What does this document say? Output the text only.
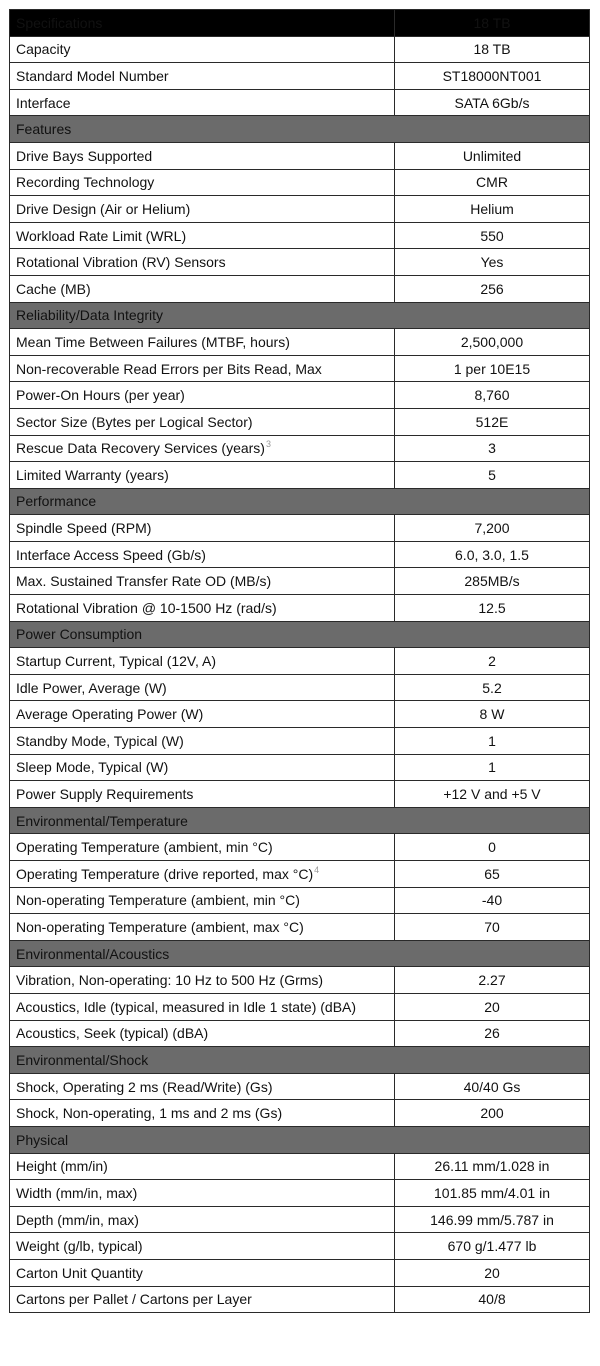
Specifications	18 TB
Capacity	18 TB
Standard Model Number	ST18000NT001
Interface	SATA 6Gb/s
Features	
Drive Bays Supported	Unlimited
Recording Technology	CMR
Drive Design (Air or Helium)	Helium
Workload Rate Limit (WRL)	550
Rotational Vibration (RV) Sensors	Yes
Cache (MB)	256
Reliability/Data Integrity	
Mean Time Between Failures (MTBF, hours)	2,500,000
Non-recoverable Read Errors per Bits Read, Max	1 per 10E15
Power-On Hours (per year)	8,760
Sector Size (Bytes per Logical Sector)	512E
Rescue Data Recovery Services (years)$^3$	3
Limited Warranty (years)	5
Performance	
Spindle Speed (RPM)	7,200
Interface Access Speed (Gb/s)	6.0, 3.0, 1.5
Max. Sustained Transfer Rate OD (MB/s)	285MB/s
Rotational Vibration @ 10-1500 Hz (rad/s)	12.5
Power Consumption	
Startup Current, Typical (12V, A)	2
Idle Power, Average (W)	5.2
Average Operating Power (W)	8 W
Standby Mode, Typical (W)	1
Sleep Mode, Typical (W)	1
Power Supply Requirements	+12 V and +5 V
Environmental/Temperature	
Operating Temperature (ambient, min °C)	0
Operating Temperature (drive reported, max °C)$^4$	65
Non-operating Temperature (ambient, min °C)	-40
Non-operating Temperature (ambient, max °C)	70
Environmental/Acoustics	
Vibration, Non-operating: 10 Hz to 500 Hz (Grms)	2.27
Acoustics, Idle (typical, measured in Idle 1 state) (dBA)	20
Acoustics, Seek (typical) (dBA)	26
Environmental/Shock	
Shock, Operating 2 ms (Read/Write) (Gs)	40/40 Gs
Shock, Non-operating, 1 ms and 2 ms (Gs)	200
Physical	
Height (mm/in)	26.11 mm/1.028 in
Width (mm/in, max)	101.85 mm/4.01 in
Depth (mm/in, max)	146.99 mm/5.787 in
Weight (g/lb, typical)	670 g/1.477 lb
Carton Unit Quantity	20
Cartons per Pallet / Cartons per Layer	40/8
